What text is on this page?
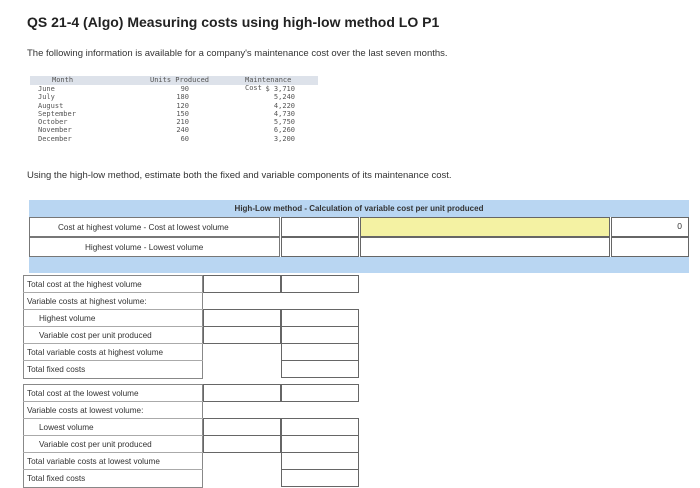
QS 21-4 (Algo) Measuring costs using high-low method LO P1
The following information is available for a company's maintenance cost over the last seven months.
Month	Units Produced	Maintenance Cost
June	90	$ 3,710
July	180	5,240
August	120	4,220
September	150	4,730
October	210	5,750
November	240	6,260
December	60	3,200
Using the high-low method, estimate both the fixed and variable components of its maintenance cost.
High-Low method - Calculation of variable cost per unit produced
Cost at highest volume - Cost at lowest volume	0
Highest volume - Lowest volume
Total cost at the highest volume
Variable costs at highest volume:
Highest volume
Variable cost per unit produced
Total variable costs at highest volume
Total fixed costs
Total cost at the lowest volume
Variable costs at lowest volume:
Lowest volume
Variable cost per unit produced
Total variable costs at lowest volume
Total fixed costs
